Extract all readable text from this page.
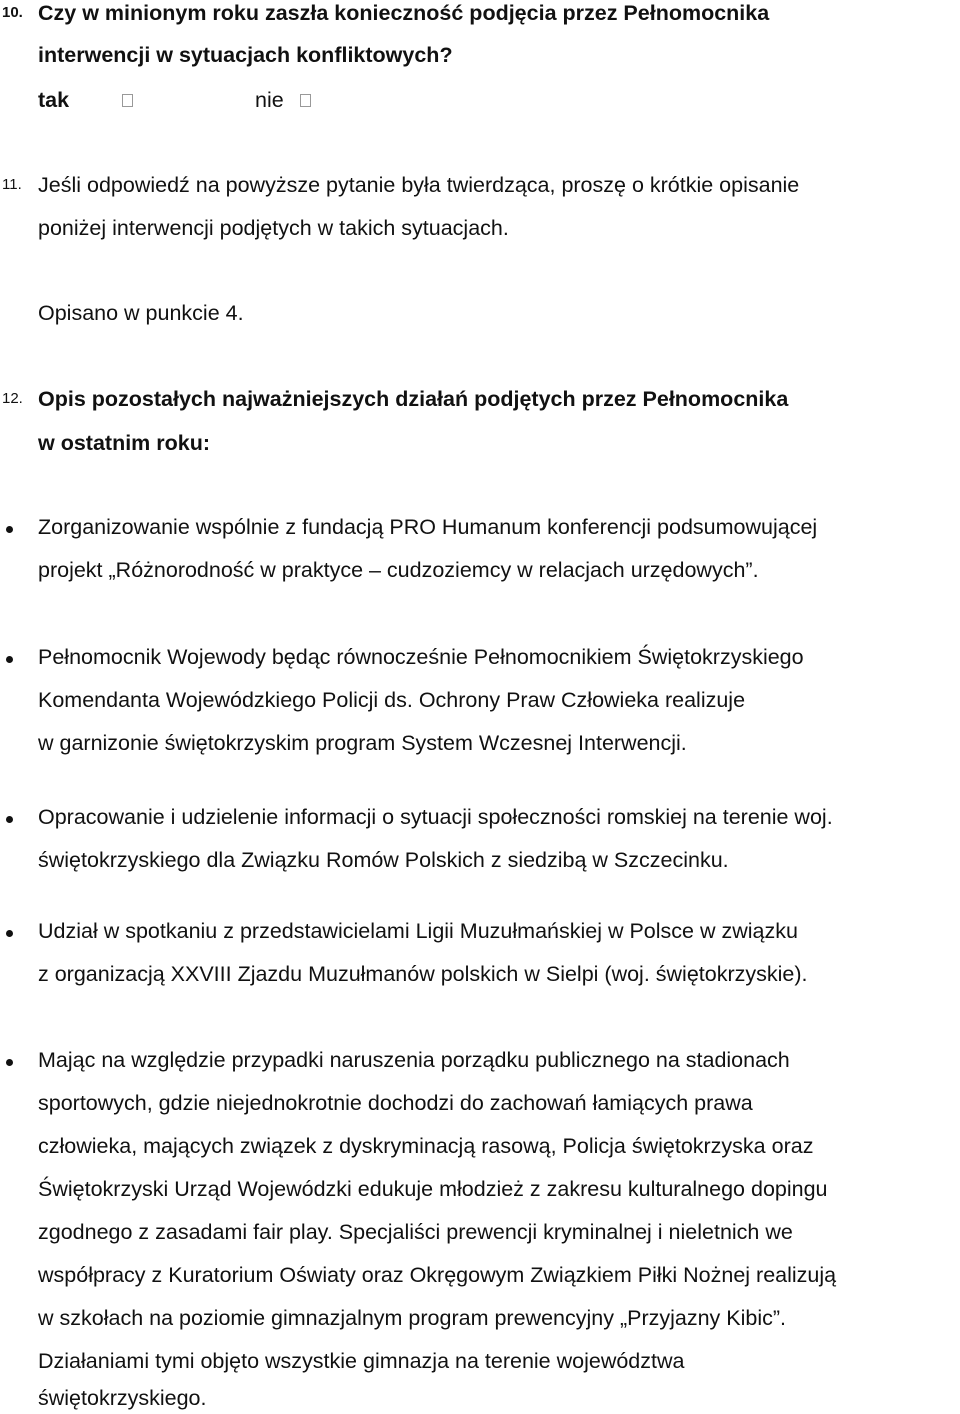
10. Czy w minionym roku zaszła konieczność podjęcia przez Pełnomocnika
interwencji w sytuacjach konfliktowych?
tak	nie
11. Jeśli odpowiedź na powyższe pytanie była twierdząca, proszę o krótkie opisanie
poniżej interwencji podjętych w takich sytuacjach.
Opisano w punkcie 4.
12. Opis pozostałych najważniejszych działań podjętych przez Pełnomocnika
w ostatnim roku:
Zorganizowanie wspólnie z fundacją PRO Humanum konferencji podsumowującej
projekt „Różnorodność w praktyce – cudzoziemcy w relacjach urzędowych”.
Pełnomocnik Wojewody będąc równocześnie Pełnomocnikiem Świętokrzyskiego
Komendanta Wojewódzkiego Policji ds. Ochrony Praw Człowieka realizuje
w garnizonie świętokrzyskim program System Wczesnej Interwencji.
Opracowanie i udzielenie informacji o sytuacji społeczności romskiej na terenie woj.
świętokrzyskiego dla Związku Romów Polskich z siedzibą w Szczecinku.
Udział w spotkaniu z przedstawicielami Ligii Muzułmańskiej w Polsce w związku
z organizacją XXVIII Zjazdu Muzułmanów polskich w Sielpi (woj. świętokrzyskie).
Mając na względzie przypadki naruszenia porządku publicznego na stadionach
sportowych, gdzie niejednokrotnie dochodzi do zachowań łamiących prawa
człowieka, mających związek z dyskryminacją rasową, Policja świętokrzyska oraz
Świętokrzyski Urząd Wojewódzki edukuje młodzież z zakresu kulturalnego dopingu
zgodnego z zasadami fair play. Specjaliści prewencji kryminalnej i nieletnich we
współpracy z Kuratorium Oświaty oraz Okręgowym Związkiem Piłki Nożnej realizują
w szkołach na poziomie gimnazjalnym program prewencyjny „Przyjazny Kibic”.
Działaniami tymi objęto wszystkie gimnazja na terenie województwa
świętokrzyskiego.
